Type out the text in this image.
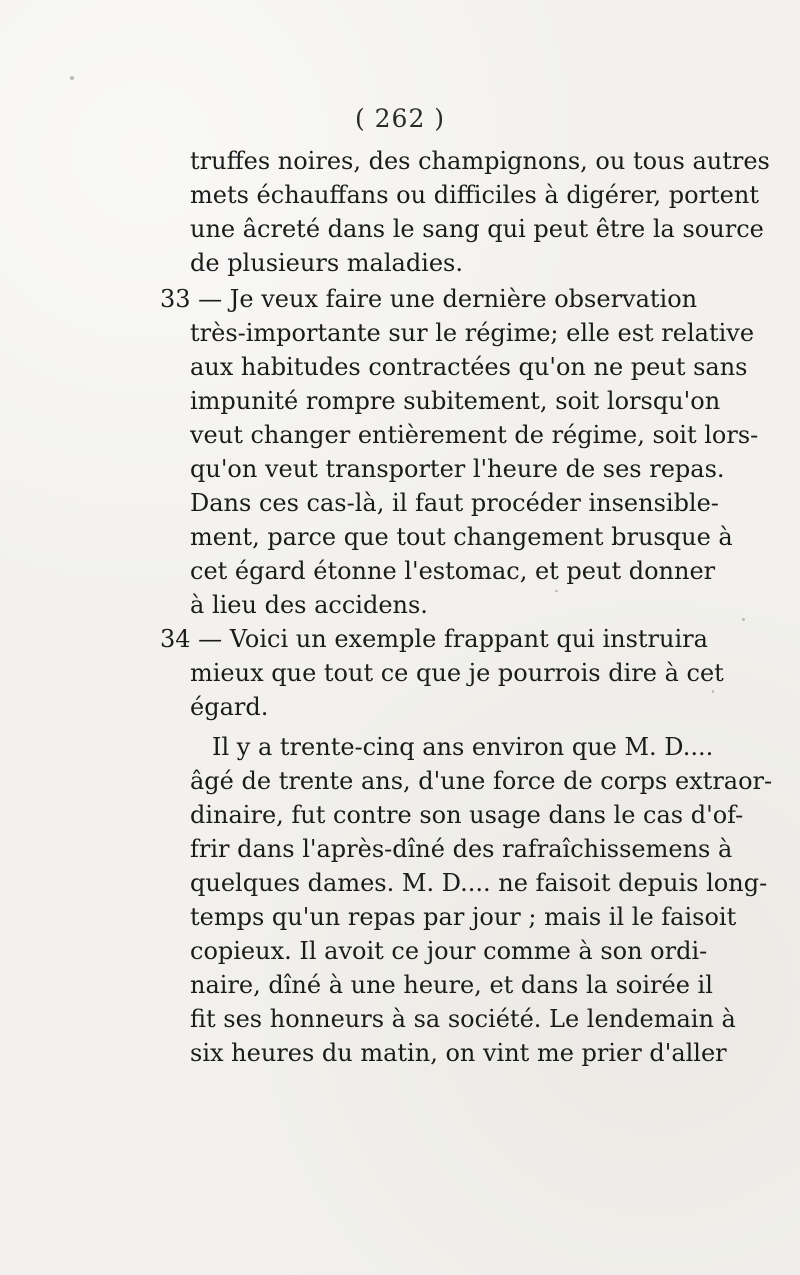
( 262 )
truffes noires, des champignons, ou tous autres
mets échauffans ou difficiles à digérer, portent
une âcreté dans le sang qui peut être la source
de plusieurs maladies.
33 — Je veux faire une dernière observation
très-importante sur le régime; elle est relative
aux habitudes contractées qu'on ne peut sans
impunité rompre subitement, soit lorsqu'on
veut changer entièrement de régime, soit lors-
qu'on veut transporter l'heure de ses repas.
Dans ces cas-là, il faut procéder insensible-
ment, parce que tout changement brusque à
cet égard étonne l'estomac, et peut donner
à lieu des accidens.
34 — Voici un exemple frappant qui instruira
mieux que tout ce que je pourrois dire à cet
égard.
Il y a trente-cinq ans environ que M. D....
âgé de trente ans, d'une force de corps extraor-
dinaire, fut contre son usage dans le cas d'of-
frir dans l'après-dîné des rafraîchissemens à
quelques dames. M. D.... ne faisoit depuis long-
temps qu'un repas par jour ; mais il le faisoit
copieux. Il avoit ce jour comme à son ordi-
naire, dîné à une heure, et dans la soirée il
fit ses honneurs à sa société. Le lendemain à
six heures du matin, on vint me prier d'aller
